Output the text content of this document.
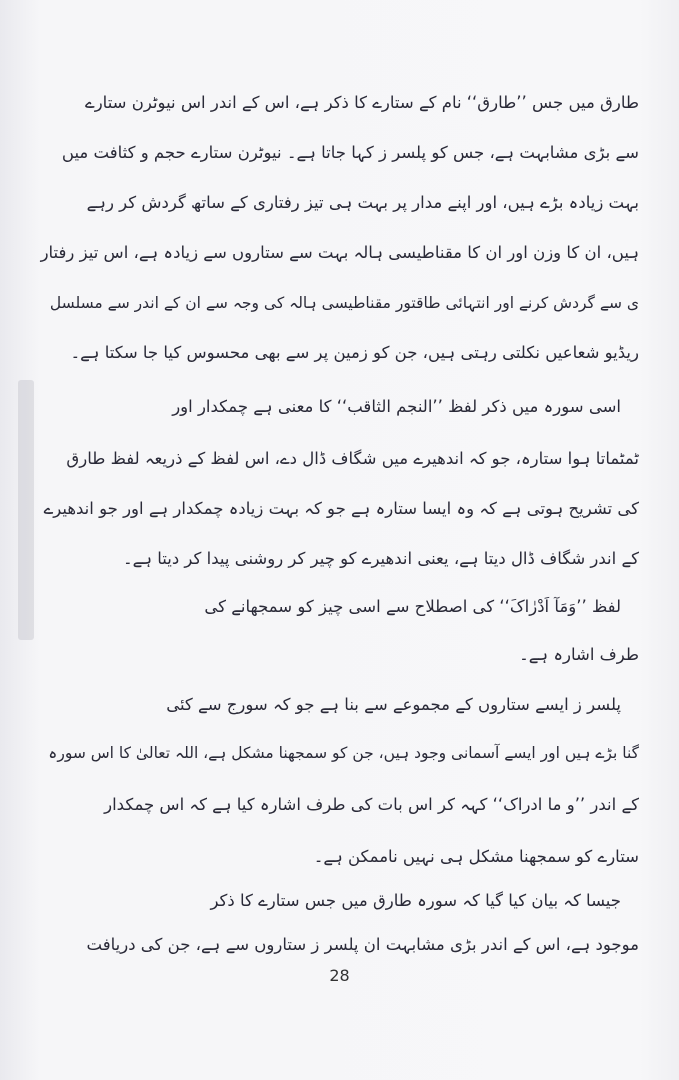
طارق میں جس ’’طارق‘‘ نام کے ستارے کا ذکر ہے، اس کے اندر اس نیوٹرن ستارے
سے بڑی مشابہت ہے، جس کو پلسر ز کہا جاتا ہے۔ نیوٹرن ستارے حجم و کثافت میں
بہت زیادہ بڑے ہیں، اور اپنے مدار پر بہت ہی تیز رفتاری کے ساتھ گردش کر رہے
ہیں، ان کا وزن اور ان کا مقناطیسی ہالہ بہت سے ستاروں سے زیادہ ہے، اس تیز رفتار
ی سے گردش کرنے اور انتہائی طاقتور مقناطیسی ہالہ کی وجہ سے ان کے اندر سے مسلسل
ریڈیو شعاعیں نکلتی رہتی ہیں، جن کو زمین پر سے بھی محسوس کیا جا سکتا ہے۔
اسی سورہ میں ذکر لفظ ’’النجم الثاقب‘‘ کا معنی ہے چمکدار اور
ٹمٹماتا ہوا ستارہ، جو کہ اندھیرے میں شگاف ڈال دے، اس لفظ کے ذریعہ لفظ طارق
کی تشریح ہوتی ہے کہ وہ ایسا ستارہ ہے جو کہ بہت زیادہ چمکدار ہے اور جو اندھیرے
کے اندر شگاف ڈال دیتا ہے، یعنی اندھیرے کو چیر کر روشنی پیدا کر دیتا ہے۔
لفظ ’’وَمَآ اَدْرٰاکَ‘‘ کی اصطلاح سے اسی چیز کو سمجھانے کی
طرف اشارہ ہے۔
پلسر ز ایسے ستاروں کے مجموعے سے بنا ہے جو کہ سورج سے کئی
گنا بڑے ہیں اور ایسے آسمانی وجود ہیں، جن کو سمجھنا مشکل ہے، اللہ تعالیٰ کا اس سورہ
کے اندر ’’و ما ادراک‘‘ کہہ کر اس بات کی طرف اشارہ کیا ہے کہ اس چمکدار
ستارے کو سمجھنا مشکل ہی نہیں ناممکن ہے۔
جیسا کہ بیان کیا گیا کہ سورہ طارق میں جس ستارے کا ذکر
موجود ہے، اس کے اندر بڑی مشابہت ان پلسر ز ستاروں سے ہے، جن کی دریافت
28
